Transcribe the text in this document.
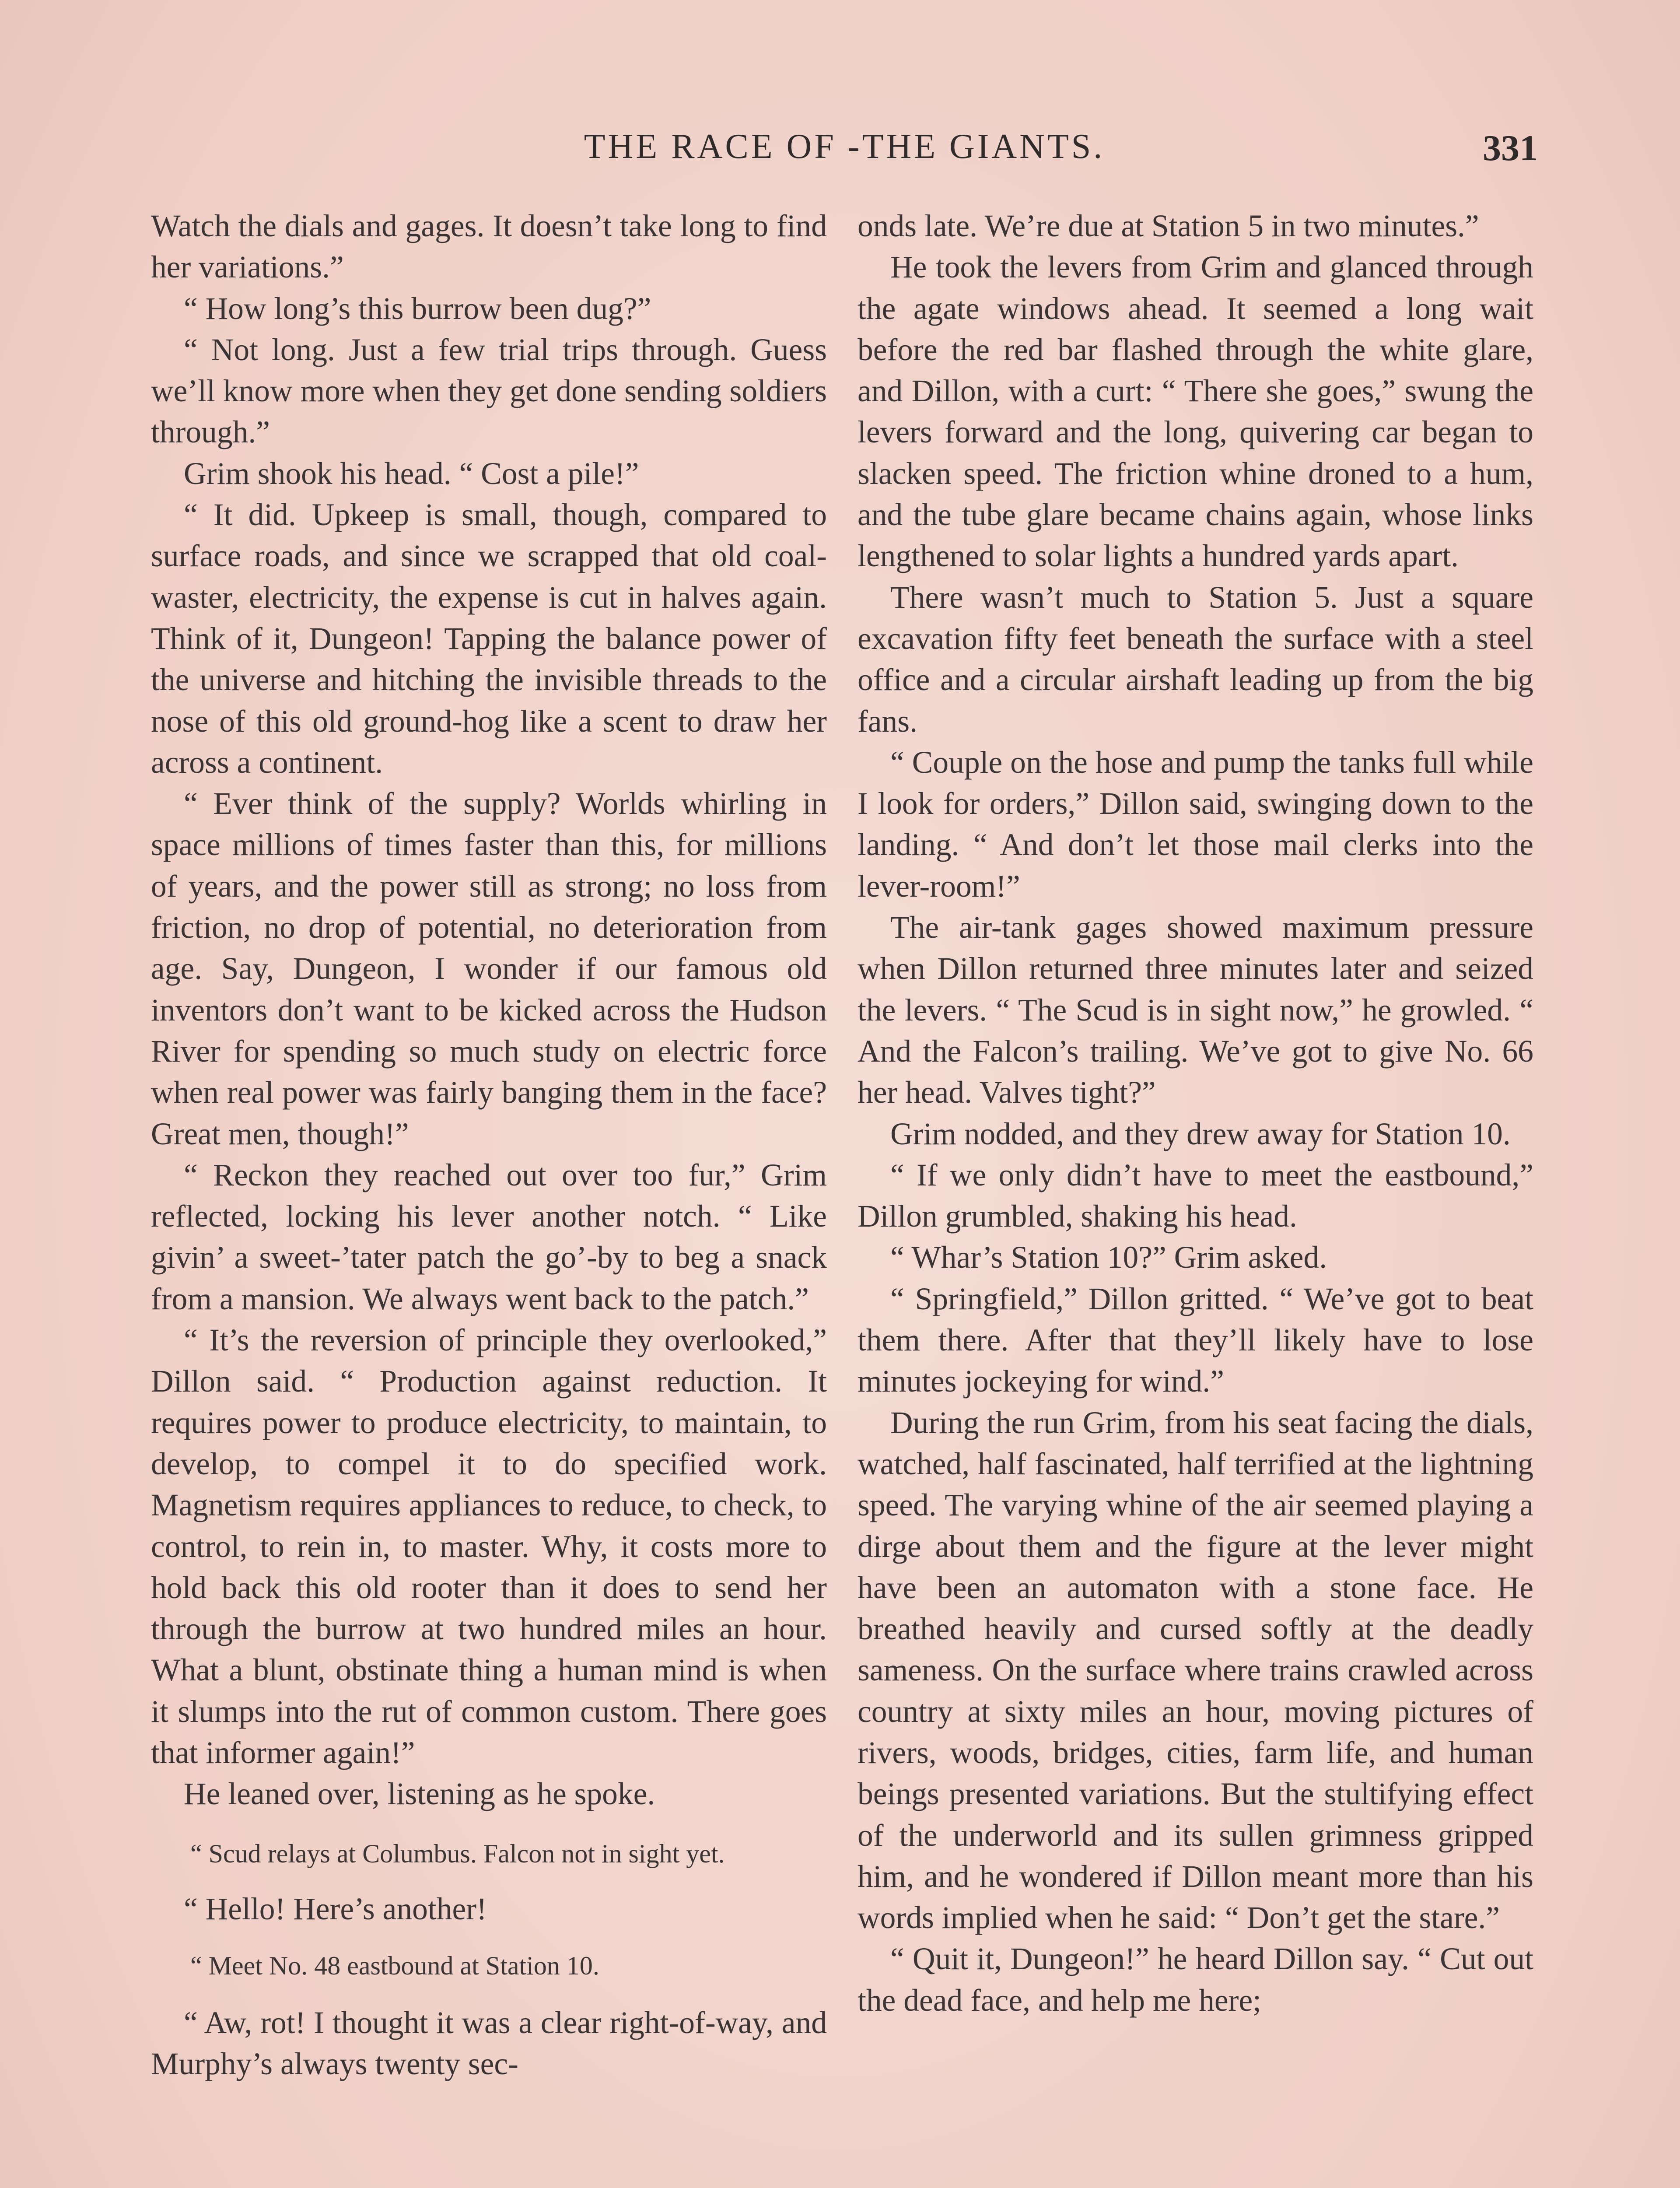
THE RACE OF -THE GIANTS.	331

Watch the dials and gages. It doesn’t take long to find her variations.”

“ How long’s this burrow been dug?”

“ Not long. Just a few trial trips through. Guess we’ll know more when they get done sending soldiers through.”

Grim shook his head. “ Cost a pile!”

“ It did. Upkeep is small, though, compared to surface roads, and since we scrapped that old coal-waster, electricity, the expense is cut in halves again. Think of it, Dungeon! Tapping the balance power of the universe and hitching the invisible threads to the nose of this old ground-hog like a scent to draw her across a continent.

“ Ever think of the supply? Worlds whirling in space millions of times faster than this, for millions of years, and the power still as strong; no loss from friction, no drop of potential, no deterioration from age. Say, Dungeon, I wonder if our famous old inventors don’t want to be kicked across the Hudson River for spending so much study on electric force when real power was fairly banging them in the face? Great men, though!”

“ Reckon they reached out over too fur,” Grim reflected, locking his lever another notch. “ Like givin’ a sweet-’tater patch the go’-by to beg a snack from a mansion. We always went back to the patch.”

“ It’s the reversion of principle they overlooked,” Dillon said. “ Production against reduction. It requires power to produce electricity, to maintain, to develop, to compel it to do specified work. Magnetism requires appliances to reduce, to check, to control, to rein in, to master. Why, it costs more to hold back this old rooter than it does to send her through the burrow at two hundred miles an hour. What a blunt, obstinate thing a human mind is when it slumps into the rut of common custom. There goes that informer again!”

He leaned over, listening as he spoke.

“ Scud relays at Columbus. Falcon not in sight yet.

“ Hello! Here’s another!

“ Meet No. 48 eastbound at Station 10.

“ Aw, rot! I thought it was a clear right-of-way, and Murphy’s always twenty sec-

onds late. We’re due at Station 5 in two minutes.”

He took the levers from Grim and glanced through the agate windows ahead. It seemed a long wait before the red bar flashed through the white glare, and Dillon, with a curt: “ There she goes,” swung the levers forward and the long, quivering car began to slacken speed. The friction whine droned to a hum, and the tube glare became chains again, whose links lengthened to solar lights a hundred yards apart.

There wasn’t much to Station 5. Just a square excavation fifty feet beneath the surface with a steel office and a circular airshaft leading up from the big fans.

“ Couple on the hose and pump the tanks full while I look for orders,” Dillon said, swinging down to the landing. “ And don’t let those mail clerks into the lever-room!”

The air-tank gages showed maximum pressure when Dillon returned three minutes later and seized the levers. “ The Scud is in sight now,” he growled. “ And the Falcon’s trailing. We’ve got to give No. 66 her head. Valves tight?”

Grim nodded, and they drew away for Station 10.

“ If we only didn’t have to meet the eastbound,” Dillon grumbled, shaking his head.

“ Whar’s Station 10?” Grim asked.

“ Springfield,” Dillon gritted. “ We’ve got to beat them there. After that they’ll likely have to lose minutes jockeying for wind.”

During the run Grim, from his seat facing the dials, watched, half fascinated, half terrified at the lightning speed. The varying whine of the air seemed playing a dirge about them and the figure at the lever might have been an automaton with a stone face. He breathed heavily and cursed softly at the deadly sameness. On the surface where trains crawled across country at sixty miles an hour, moving pictures of rivers, woods, bridges, cities, farm life, and human beings presented variations. But the stultifying effect of the underworld and its sullen grimness gripped him, and he wondered if Dillon meant more than his words implied when he said: “ Don’t get the stare.”

“ Quit it, Dungeon!” he heard Dillon say. “ Cut out the dead face, and help me here;
